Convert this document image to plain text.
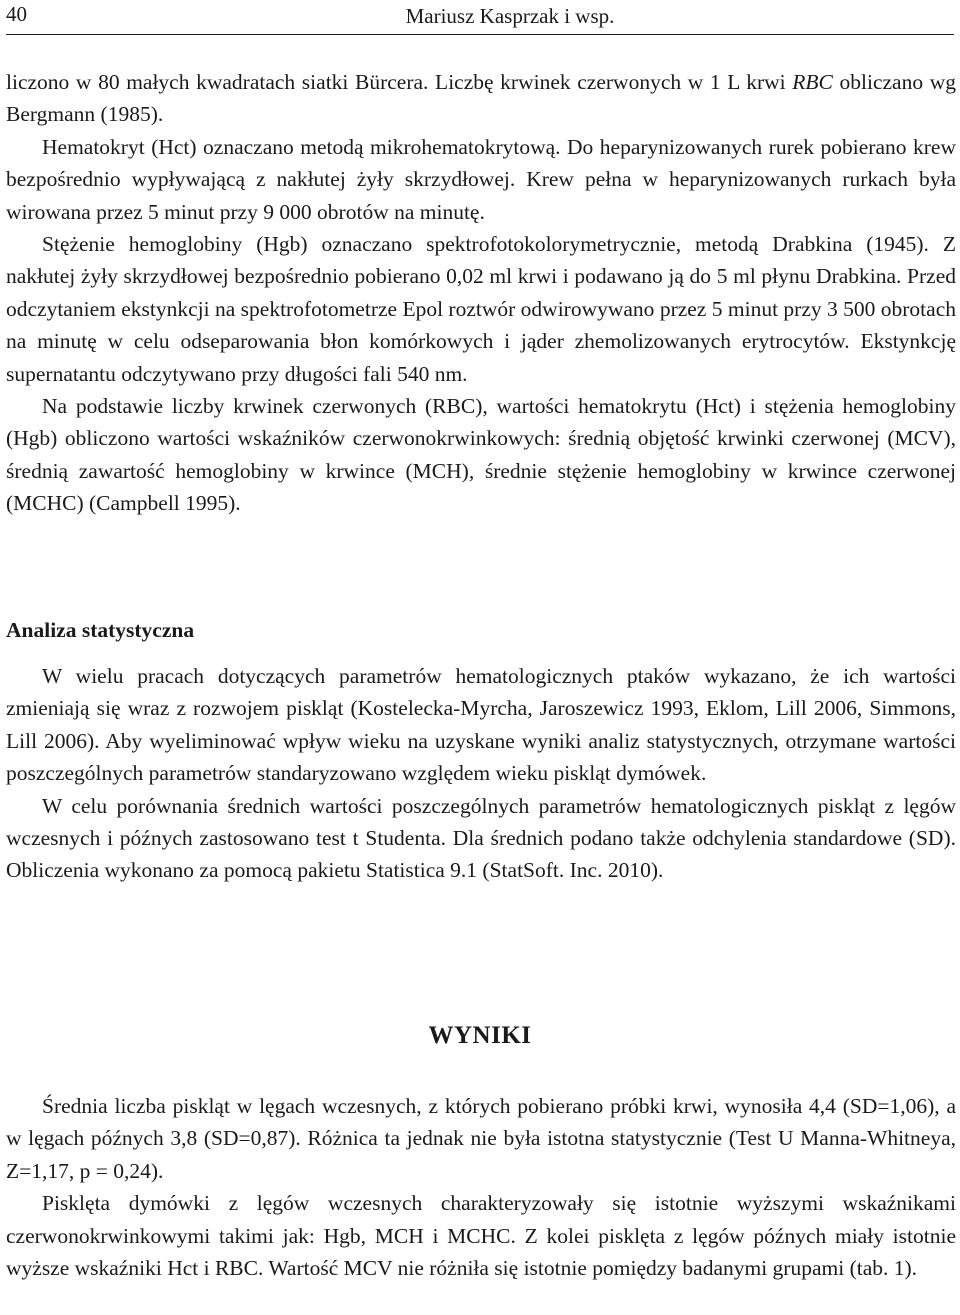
40	Mariusz Kasprzak i wsp.

liczono w 80 małych kwadratach siatki Bürcera. Liczbę krwinek czerwonych w 1 L krwi RBC obliczano wg Bergmann (1985).

Hematokryt (Hct) oznaczano metodą mikrohematokrytową. Do heparynizowanych rurek pobierano krew bezpośrednio wypływającą z nakłutej żyły skrzydłowej. Krew pełna w heparynizowanych rurkach była wirowana przez 5 minut przy 9 000 obrotów na minutę.

Stężenie hemoglobiny (Hgb) oznaczano spektrofotokolorymetrycznie, metodą Drabkina (1945). Z nakłutej żyły skrzydłowej bezpośrednio pobierano 0,02 ml krwi i podawano ją do 5 ml płynu Drabkina. Przed odczytaniem ekstynkcji na spektrofotometrze Epol roztwór odwirowywano przez 5 minut przy 3 500 obrotach na minutę w celu odseparowania błon komórkowych i jąder zhemolizowanych erytrocytów. Ekstynkcję supernatantu odczytywano przy długości fali 540 nm.

Na podstawie liczby krwinek czerwonych (RBC), wartości hematokrytu (Hct) i stężenia hemoglobiny (Hgb) obliczono wartości wskaźników czerwonokrwinkowych: średnią objętość krwinki czerwonej (MCV), średnią zawartość hemoglobiny w krwince (MCH), średnie stężenie hemoglobiny w krwince czerwonej (MCHC) (Campbell 1995).

Analiza statystyczna

W wielu pracach dotyczących parametrów hematologicznych ptaków wykazano, że ich wartości zmieniają się wraz z rozwojem piskląt (Kostelecka-Myrcha, Jaroszewicz 1993, Eklom, Lill 2006, Simmons, Lill 2006). Aby wyeliminować wpływ wieku na uzyskane wyniki analiz statystycznych, otrzymane wartości poszczególnych parametrów standaryzowano względem wieku piskląt dymówek.

W celu porównania średnich wartości poszczególnych parametrów hematologicznych piskląt z lęgów wczesnych i późnych zastosowano test t Studenta. Dla średnich podano także odchylenia standardowe (SD). Obliczenia wykonano za pomocą pakietu Statistica 9.1 (StatSoft. Inc. 2010).

WYNIKI

Średnia liczba piskląt w lęgach wczesnych, z których pobierano próbki krwi, wynosiła 4,4 (SD=1,06), a w lęgach późnych 3,8 (SD=0,87). Różnica ta jednak nie była istotna statystycznie (Test U Manna-Whitneya, Z=1,17, p = 0,24).

Pisklęta dymówki z lęgów wczesnych charakteryzowały się istotnie wyższymi wskaźnikami czerwonokrwinkowymi takimi jak: Hgb, MCH i MCHC. Z kolei pisklęta z lęgów późnych miały istotnie wyższe wskaźniki Hct i RBC. Wartość MCV nie różniła się istotnie pomiędzy badanymi grupami (tab. 1).
